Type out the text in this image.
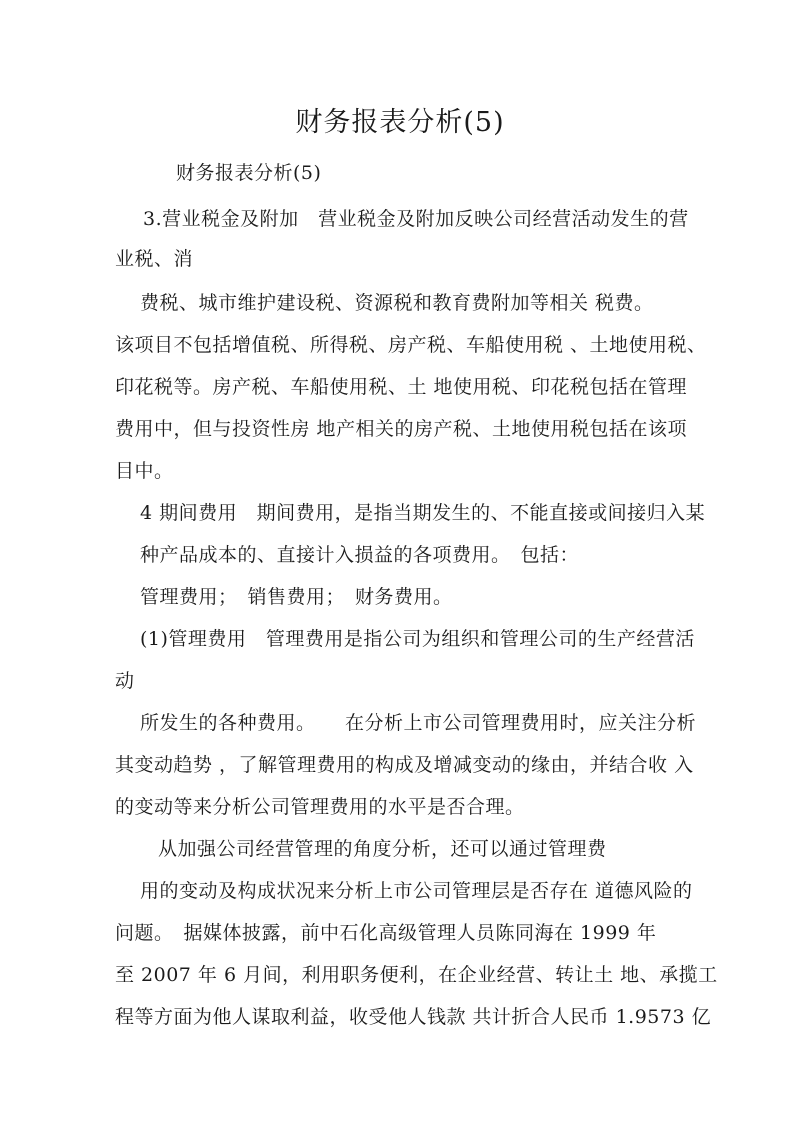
财务报表分析(5)
财务报表分析(5)
3.营业税金及附加　营业税金及附加反映公司经营活动发生的营
业税、消
费税、城市维护建设税、资源税和教育费附加等相关 税费。
该项目不包括增值税、所得税、房产税、车船使用税 、土地使用税、
印花税等。房产税、车船使用税、土 地使用税、印花税包括在管理
费用中，但与投资性房 地产相关的房产税、土地使用税包括在该项
目中。
4 期间费用　期间费用，是指当期发生的、不能直接或间接归入某
种产品成本的、直接计入损益的各项费用。　包括：
管理费用；　销售费用；　财务费用。
(1)管理费用　管理费用是指公司为组织和管理公司的生产经营活
动
所发生的各种费用。　　在分析上市公司管理费用时，应关注分析
其变动趋势 ，了解管理费用的构成及增减变动的缘由，并结合收 入
的变动等来分析公司管理费用的水平是否合理。
从加强公司经营管理的角度分析，还可以通过管理费
用的变动及构成状况来分析上市公司管理层是否存在 道德风险的
问题。　据媒体披露，前中石化高级管理人员陈同海在 1999 年
至 2007 年 6 月间，利用职务便利，在企业经营、转让土 地、承揽工
程等方面为他人谋取利益，收受他人钱款 共计折合人民币 1.9573 亿
